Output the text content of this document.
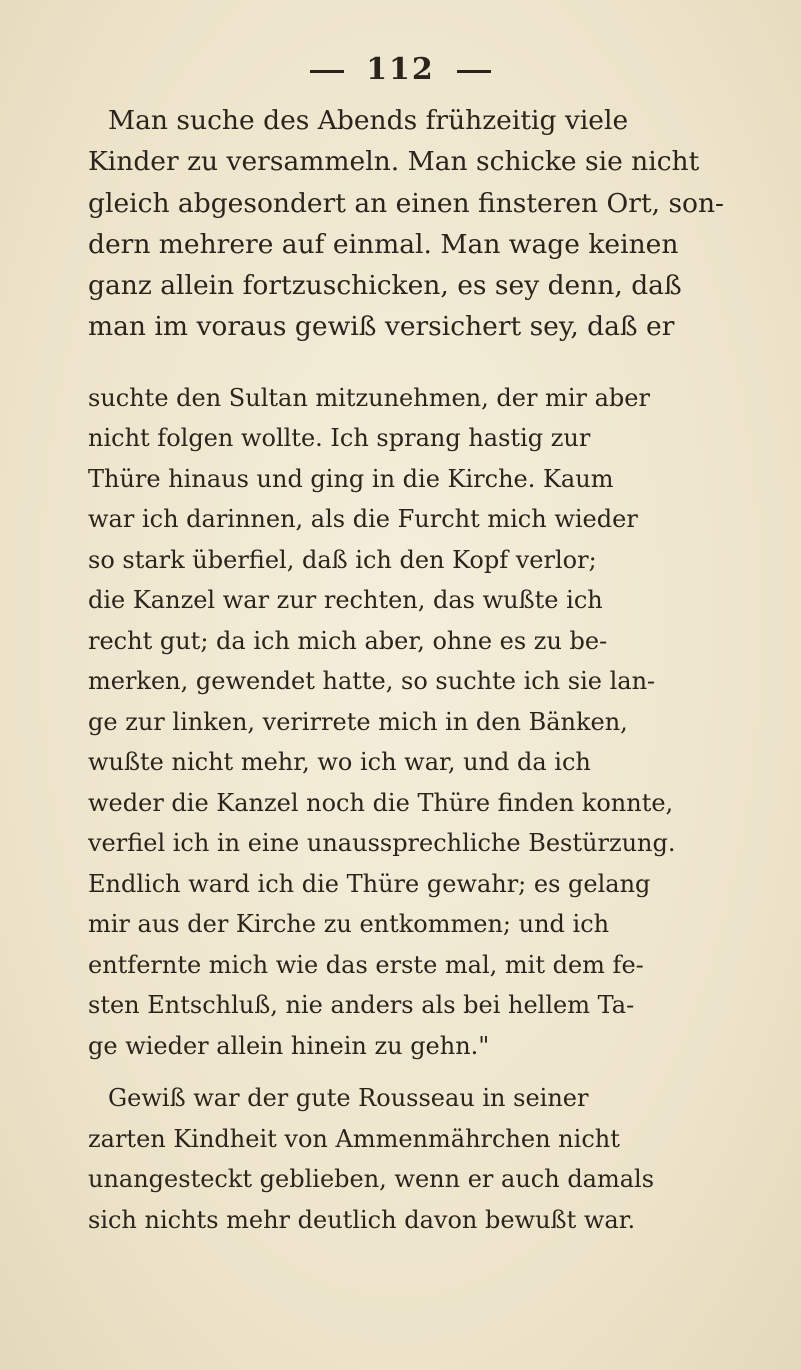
112
Man suche des Abends frühzeitig viele
Kinder zu versammeln. Man schicke sie nicht
gleich abgesondert an einen finsteren Ort, son-
dern mehrere auf einmal. Man wage keinen
ganz allein fortzuschicken, es sey denn, daß
man im voraus gewiß versichert sey, daß er
suchte den Sultan mitzunehmen, der mir aber
nicht folgen wollte. Ich sprang hastig zur
Thüre hinaus und ging in die Kirche. Kaum
war ich darinnen, als die Furcht mich wieder
so stark überfiel, daß ich den Kopf verlor;
die Kanzel war zur rechten, das wußte ich
recht gut; da ich mich aber, ohne es zu be-
merken, gewendet hatte, so suchte ich sie lan-
ge zur linken, verirrete mich in den Bänken,
wußte nicht mehr, wo ich war, und da ich
weder die Kanzel noch die Thüre finden konnte,
verfiel ich in eine unaussprechliche Bestürzung.
Endlich ward ich die Thüre gewahr; es gelang
mir aus der Kirche zu entkommen; und ich
entfernte mich wie das erste mal, mit dem fe-
sten Entschluß, nie anders als bei hellem Ta-
ge wieder allein hinein zu gehn."
Gewiß war der gute Rousseau in seiner
zarten Kindheit von Ammenmährchen nicht
unangesteckt geblieben, wenn er auch damals
sich nichts mehr deutlich davon bewußt war.
